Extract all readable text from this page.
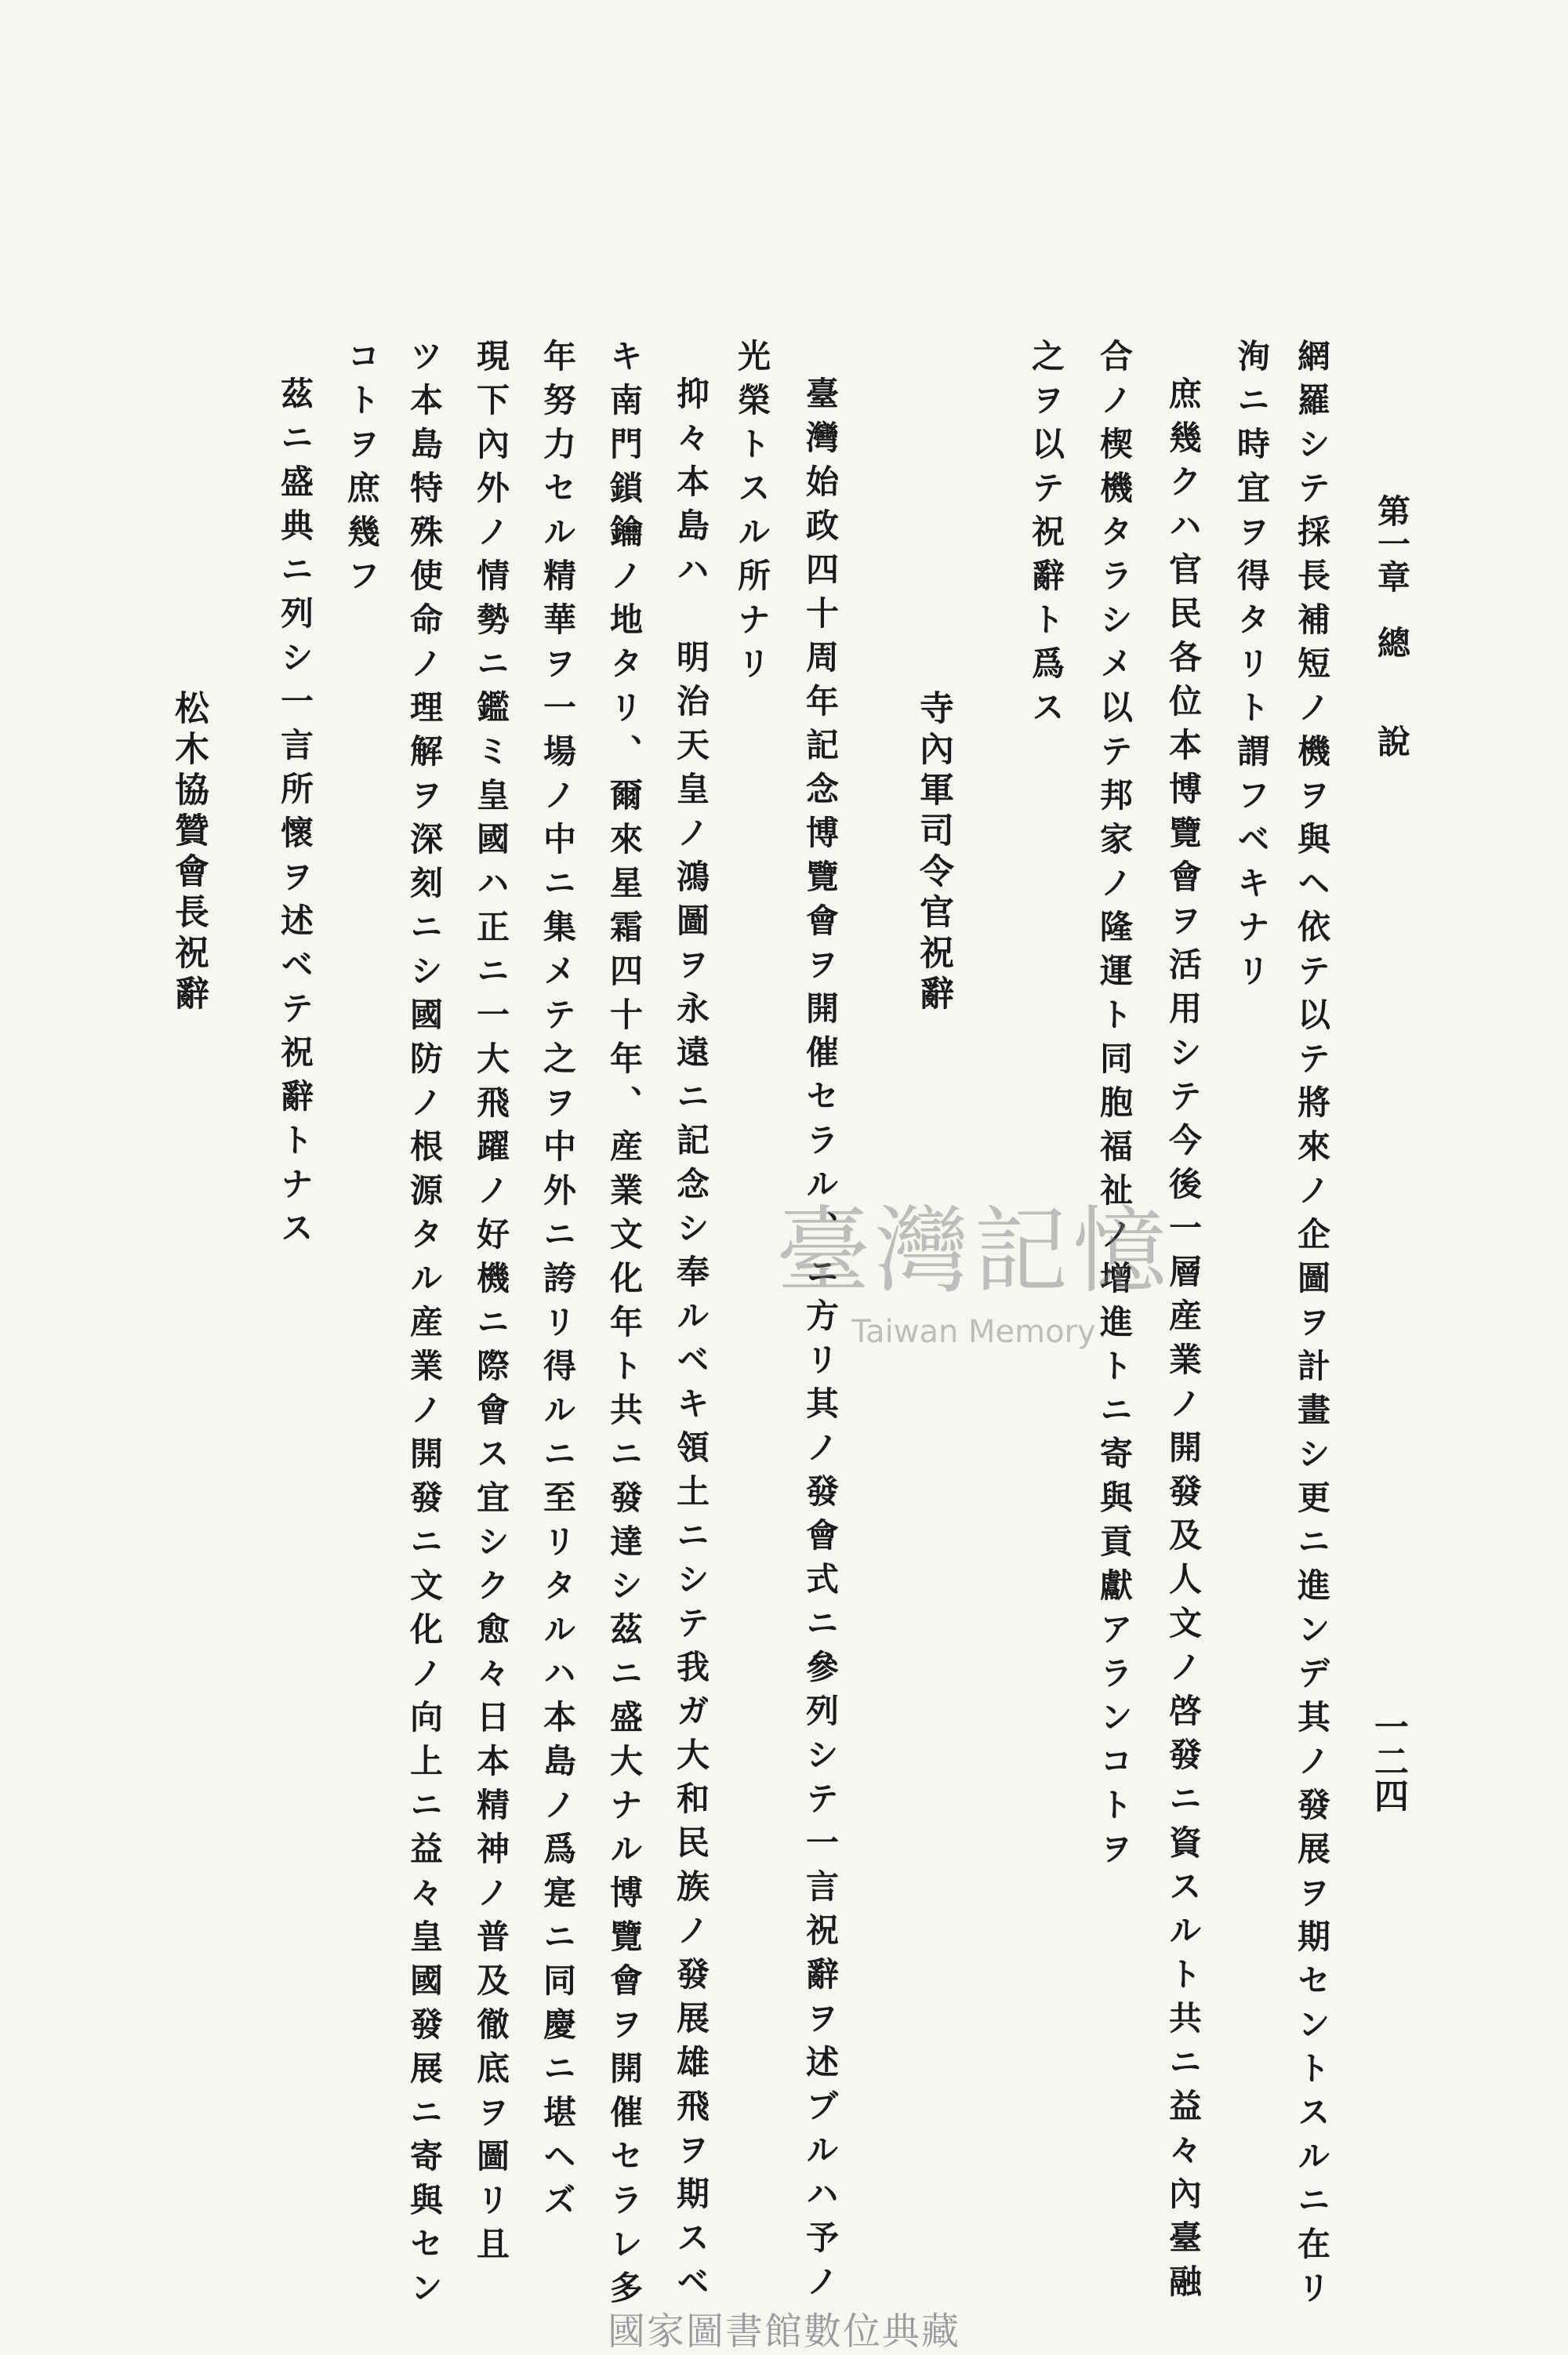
第一章　總　　說
一二四
網羅シテ採長補短ノ機ヲ與ヘ依テ以テ將來ノ企圖ヲ計畫シ更ニ進ンデ其ノ發展ヲ期セントスルニ在リ
洵ニ時宜ヲ得タリト謂フベキナリ
庶幾クハ官民各位本博覽會ヲ活用シテ今後一層産業ノ開發及人文ノ啓發ニ資スルト共ニ益々內臺融
合ノ楔機タラシメ以テ邦家ノ隆運ト同胞福祉ノ增進トニ寄與貢獻アランコトヲ
之ヲ以テ祝辭ト爲ス
寺內軍司令官祝辭
臺灣始政四十周年記念博覽會ヲ開催セラル、ニ方リ其ノ發會式ニ參列シテ一言祝辭ヲ述ブルハ予ノ
光榮トスル所ナリ
抑々本島ハ　明治天皇ノ鴻圖ヲ永遠ニ記念シ奉ルベキ領土ニシテ我ガ大和民族ノ發展雄飛ヲ期スベ
キ南門鎖鑰ノ地タリ、爾來星霜四十年、産業文化年ト共ニ發達シ茲ニ盛大ナル博覽會ヲ開催セラレ多
年努力セル精華ヲ一場ノ中ニ集メテ之ヲ中外ニ誇リ得ルニ至リタルハ本島ノ爲寔ニ同慶ニ堪ヘズ
現下內外ノ情勢ニ鑑ミ皇國ハ正ニ一大飛躍ノ好機ニ際會ス宜シク愈々日本精神ノ普及徹底ヲ圖リ且
ツ本島特殊使命ノ理解ヲ深刻ニシ國防ノ根源タル産業ノ開發ニ文化ノ向上ニ益々皇國發展ニ寄與セン
コトヲ庶幾フ
茲ニ盛典ニ列シ一言所懷ヲ述ベテ祝辭トナス
松木協贊會長祝辭
臺灣記憶
Taiwan Memory
國家圖書館數位典藏
